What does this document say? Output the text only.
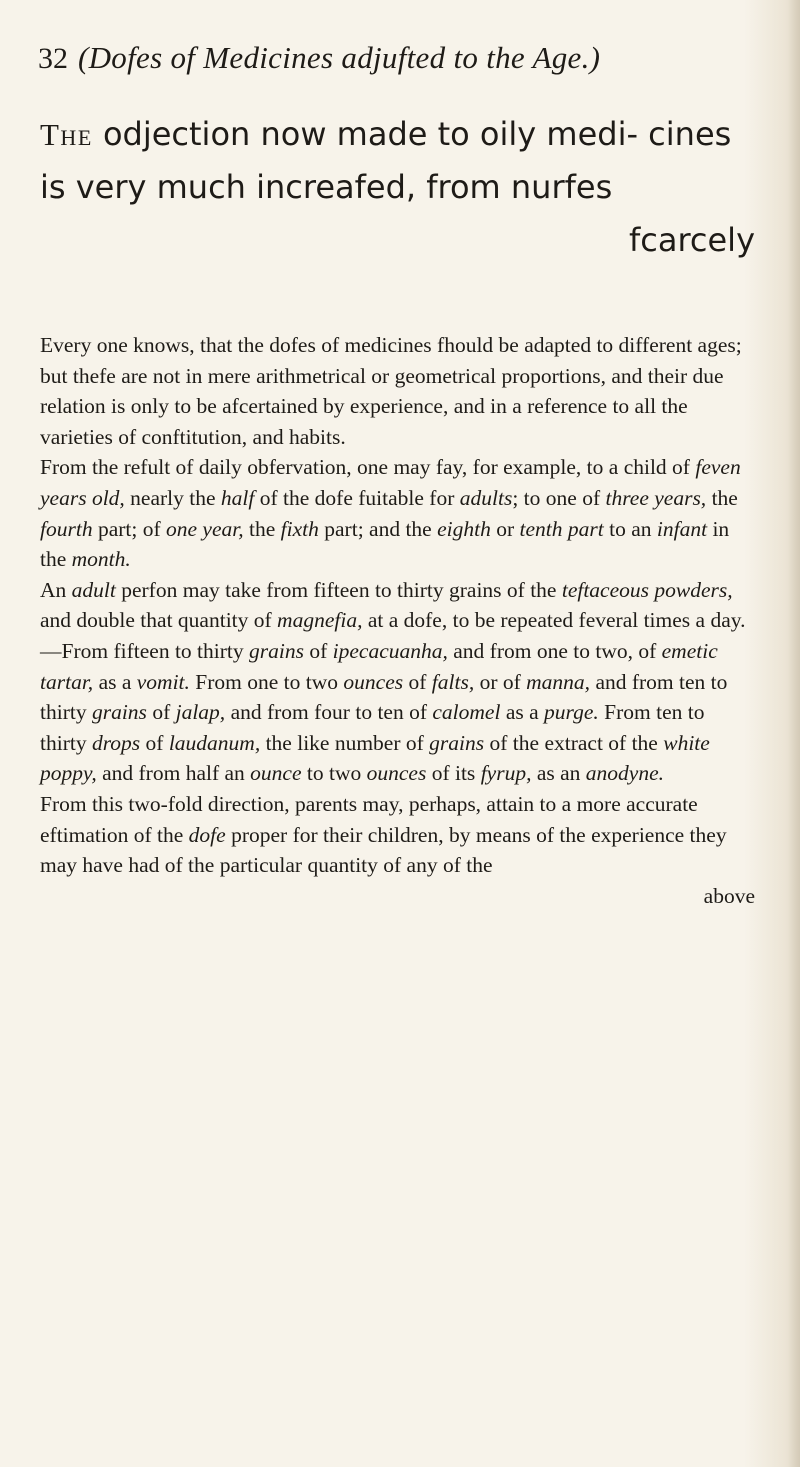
32 (Dofes of Medicines adjufted to the Age.)

The odjection now made to oily medi- cines is very much increafed, from nurfes
fcarcely

Every one knows, that the dofes of medicines fhould be adapted to different ages; but thefe are not in mere arithmetrical or geometrical proportions, and their due relation is only to be afcertained by experience, and in a reference to all the varieties of conftitution, and habits.

From the refult of daily obfervation, one may fay, for example, to a child of feven years old, nearly the half of the dofe fuitable for adults; to one of three years, the fourth part; of one year, the fixth part; and the eighth or tenth part to an infant in the month.

An adult perfon may take from fifteen to thirty grains of the teftaceous powders, and double that quantity of magnefia, at a dofe, to be repeated feveral times a day. —From fifteen to thirty grains of ipecacuanha, and from one to two, of emetic tartar, as a vomit. From one to two ounces of falts, or of manna, and from ten to thirty grains of jalap, and from four to ten of calomel as a purge. From ten to thirty drops of laudanum, the like number of grains of the extract of the white poppy, and from half an ounce to two ounces of its fyrup, as an anodyne.

From this two-fold direction, parents may, perhaps, attain to a more accurate eftimation of the dofe proper for their children, by means of the experience they may have had of the particular quantity of any of the

above
